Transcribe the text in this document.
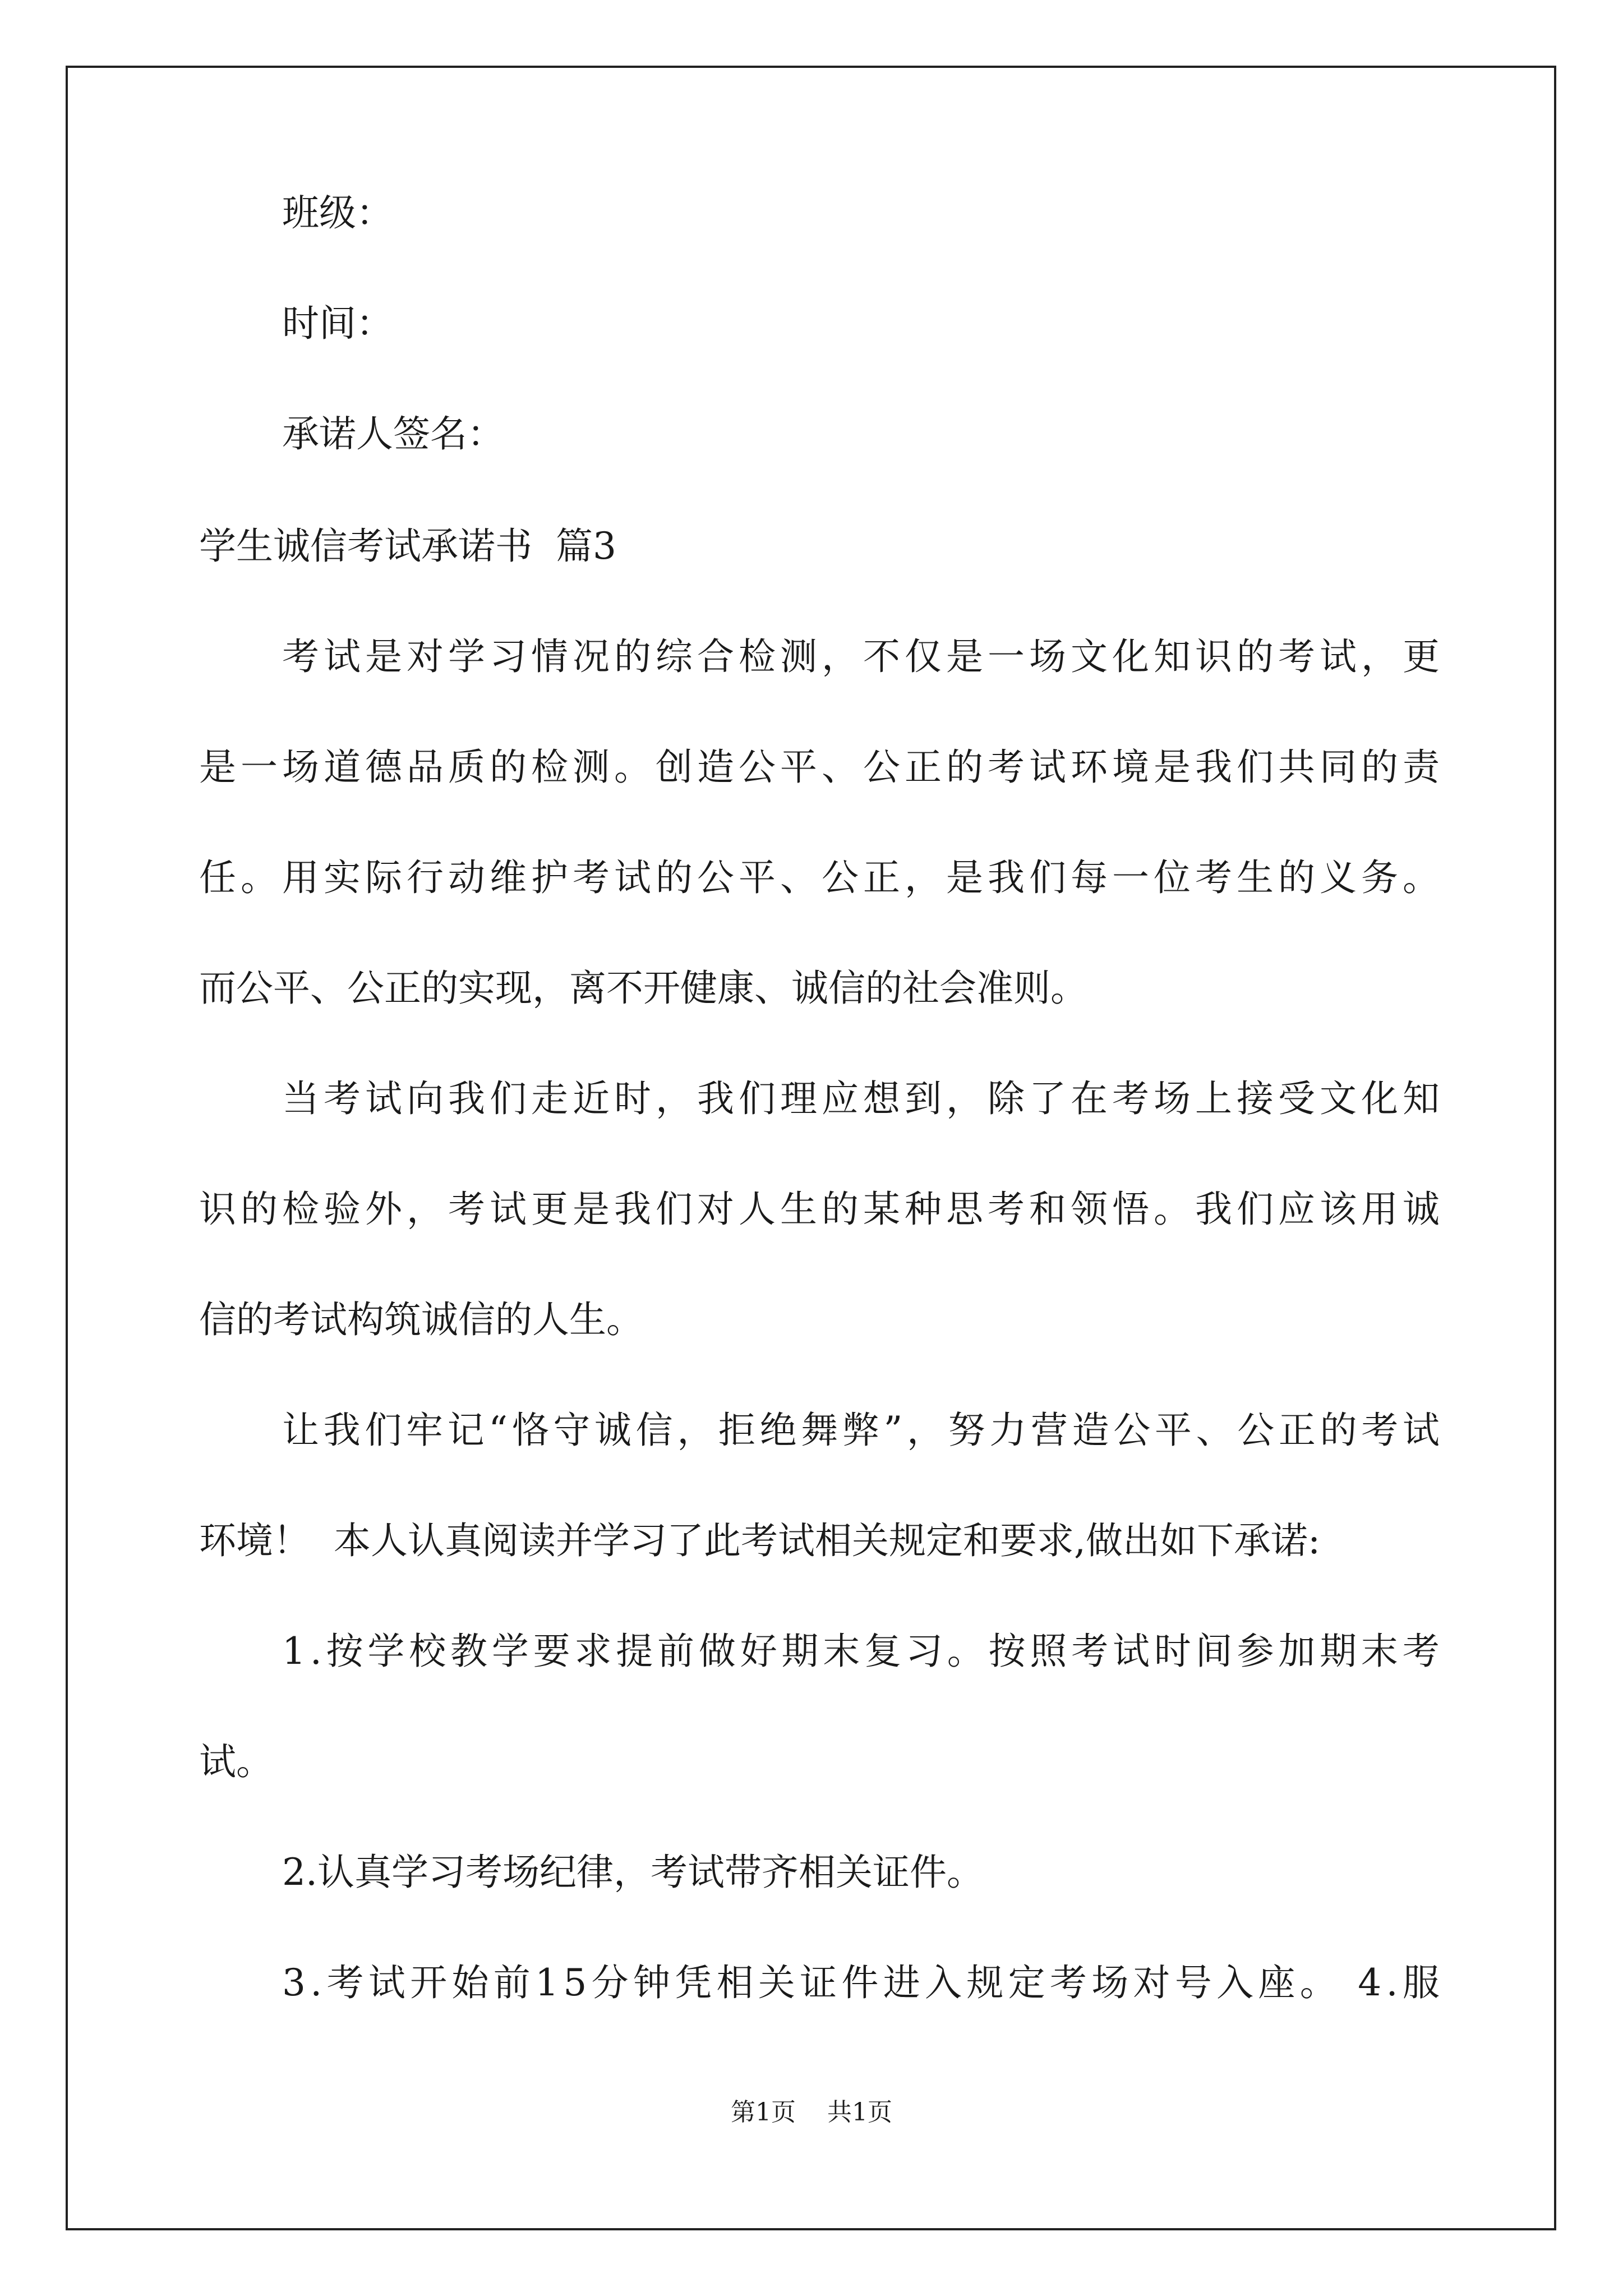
班级：
时间：
承诺人签名：
学生诚信考试承诺书  篇3
考 试 是 对 学 习 情 况 的 综 合 检 测 ， 不 仅 是 一 场 文 化 知 识 的 考 试 ， 更
是 一 场 道 德 品 质 的 检 测 。 创 造 公 平 、 公 正 的 考 试 环 境 是 我 们 共 同 的 责
任 。 用 实 际 行 动 维 护 考 试 的 公 平 、 公 正 ， 是 我 们 每 一 位 考 生 的 义 务 。
而公平、公正的实现，离不开健康、诚信的社会准则。
当 考 试 向 我 们 走 近 时 ， 我 们 理 应 想 到 ， 除 了 在 考 场 上 接 受 文 化 知
识 的 检 验 外 ， 考 试 更 是 我 们 对 人 生 的 某 种 思 考 和 领 悟 。 我 们 应 该 用 诚
信的考试构筑诚信的人生。
让 我 们 牢 记 “ 恪 守 诚 信 ， 拒 绝 舞 弊 ” ， 努 力 营 造 公 平 、 公 正 的 考 试
环境！  本人认真阅读并学习了此考试相关规定和要求,做出如下承诺:
1 . 按 学 校 教 学 要 求 提 前 做 好 期 末 复 习 。 按 照 考 试 时 间 参 加 期 末 考
试。
2.认真学习考场纪律，考试带齐相关证件。
3 . 考 试 开 始 前 1 5 分 钟 凭 相 关 证 件 进 入 规 定 考 场 对 号 入 座 。
4 . 服
第1页    共1页
